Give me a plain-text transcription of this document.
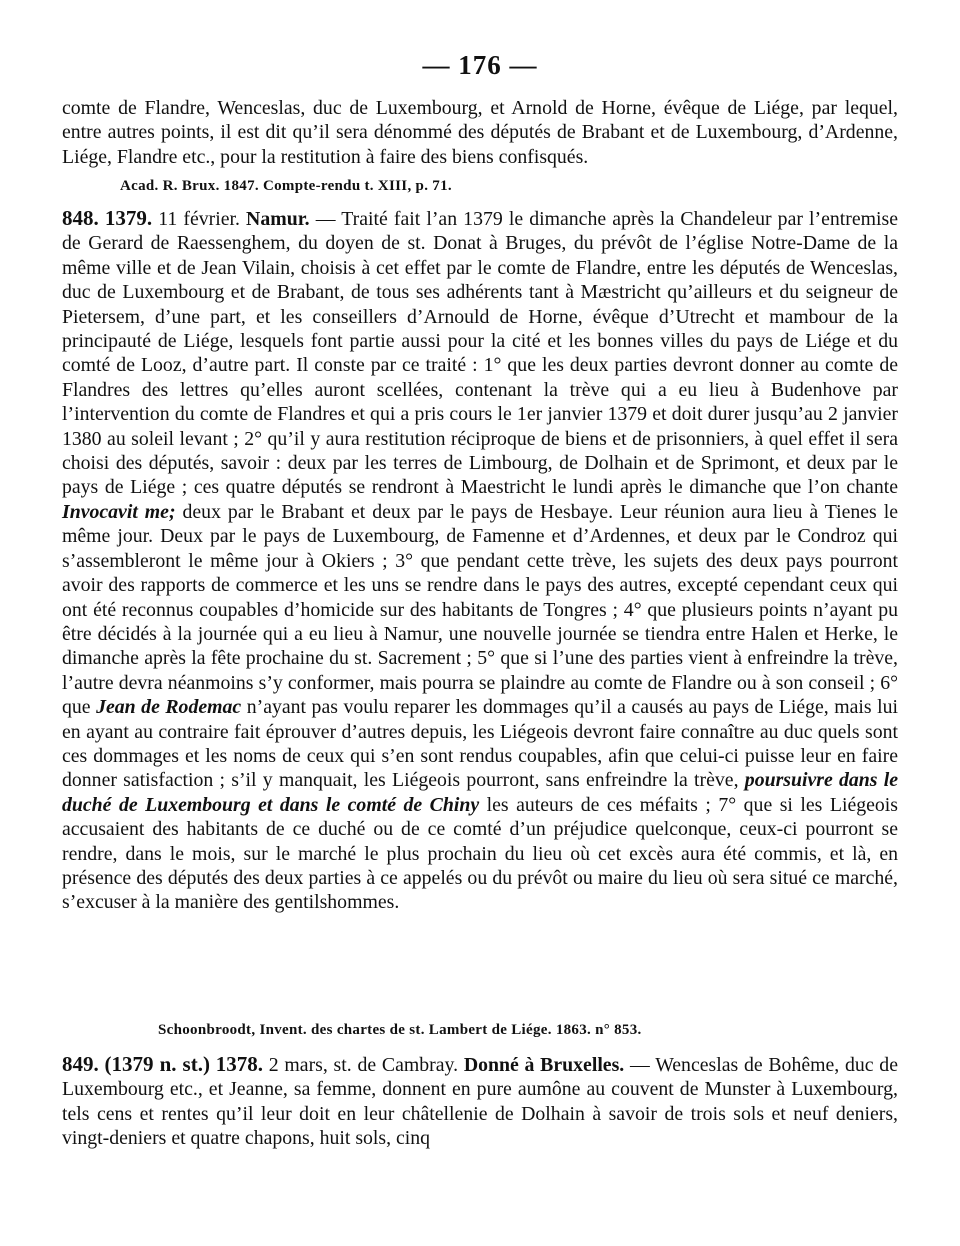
— 176 —
comte de Flandre, Wenceslas, duc de Luxembourg, et Arnold de Horne, évêque de Liége, par lequel, entre autres points, il est dit qu’il sera dénommé des députés de Brabant et de Luxembourg, d’Ardenne, Liége, Flandre etc., pour la restitution à faire des biens confisqués.
Acad. R. Brux. 1847. Compte-rendu t. XIII, p. 71.
848. 1379. 11 février. Namur. — Traité fait l’an 1379 le dimanche après la Chandeleur par l’entremise de Gerard de Raessenghem, du doyen de st. Donat à Bruges, du prévôt de l’église Notre-Dame de la même ville et de Jean Vilain, choisis à cet effet par le comte de Flandre, entre les députés de Wenceslas, duc de Luxembourg et de Brabant, de tous ses adhérents tant à Mæstricht qu’ailleurs et du seigneur de Pietersem, d’une part, et les conseillers d’Arnould de Horne, évêque d’Utrecht et mambour de la principauté de Liége, lesquels font partie aussi pour la cité et les bonnes villes du pays de Liége et du comté de Looz, d’autre part. Il conste par ce traité : 1° que les deux parties devront donner au comte de Flandres des lettres qu’elles auront scellées, contenant la trève qui a eu lieu à Budenhove par l’intervention du comte de Flandres et qui a pris cours le 1er janvier 1379 et doit durer jusqu’au 2 janvier 1380 au soleil levant ; 2° qu’il y aura restitution réciproque de biens et de prisonniers, à quel effet il sera choisi des députés, savoir : deux par les terres de Limbourg, de Dolhain et de Sprimont, et deux par le pays de Liége ; ces quatre députés se rendront à Maestricht le lundi après le dimanche que l’on chante Invocavit me; deux par le Brabant et deux par le pays de Hesbaye. Leur réunion aura lieu à Tienes le même jour. Deux par le pays de Luxembourg, de Famenne et d’Ardennes, et deux par le Condroz qui s’assembleront le même jour à Okiers ; 3° que pendant cette trève, les sujets des deux pays pourront avoir des rapports de commerce et les uns se rendre dans le pays des autres, excepté cependant ceux qui ont été reconnus coupables d’homicide sur des habitants de Tongres ; 4° que plusieurs points n’ayant pu être décidés à la journée qui a eu lieu à Namur, une nouvelle journée se tiendra entre Halen et Herke, le dimanche après la fête prochaine du st. Sacrement ; 5° que si l’une des parties vient à enfreindre la trève, l’autre devra néanmoins s’y conformer, mais pourra se plaindre au comte de Flandre ou à son conseil ; 6° que Jean de Rodemac n’ayant pas voulu reparer les dommages qu’il a causés au pays de Liége, mais lui en ayant au contraire fait éprouver d’autres depuis, les Liégeois devront faire connaître au duc quels sont ces dommages et les noms de ceux qui s’en sont rendus coupables, afin que celui-ci puisse leur en faire donner satisfaction ; s’il y manquait, les Liégeois pourront, sans enfreindre la trève, poursuivre dans le duché de Luxembourg et dans le comté de Chiny les auteurs de ces méfaits ; 7° que si les Liégeois accusaient des habitants de ce duché ou de ce comté d’un préjudice quelconque, ceux-ci pourront se rendre, dans le mois, sur le marché le plus prochain du lieu où cet excès aura été commis, et là, en présence des députés des deux parties à ce appelés ou du prévôt ou maire du lieu où sera situé ce marché, s’excuser à la manière des gentilshommes.
Schoonbroodt, Invent. des chartes de st. Lambert de Liége. 1863. n° 853.
849. (1379 n. st.) 1378. 2 mars, st. de Cambray. Donné à Bruxelles. — Wenceslas de Bohême, duc de Luxembourg etc., et Jeanne, sa femme, donnent en pure aumône au couvent de Munster à Luxembourg, tels cens et rentes qu’il leur doit en leur châtellenie de Dolhain à savoir de trois sols et neuf deniers, vingt-deniers et quatre chapons, huit sols, cinq
